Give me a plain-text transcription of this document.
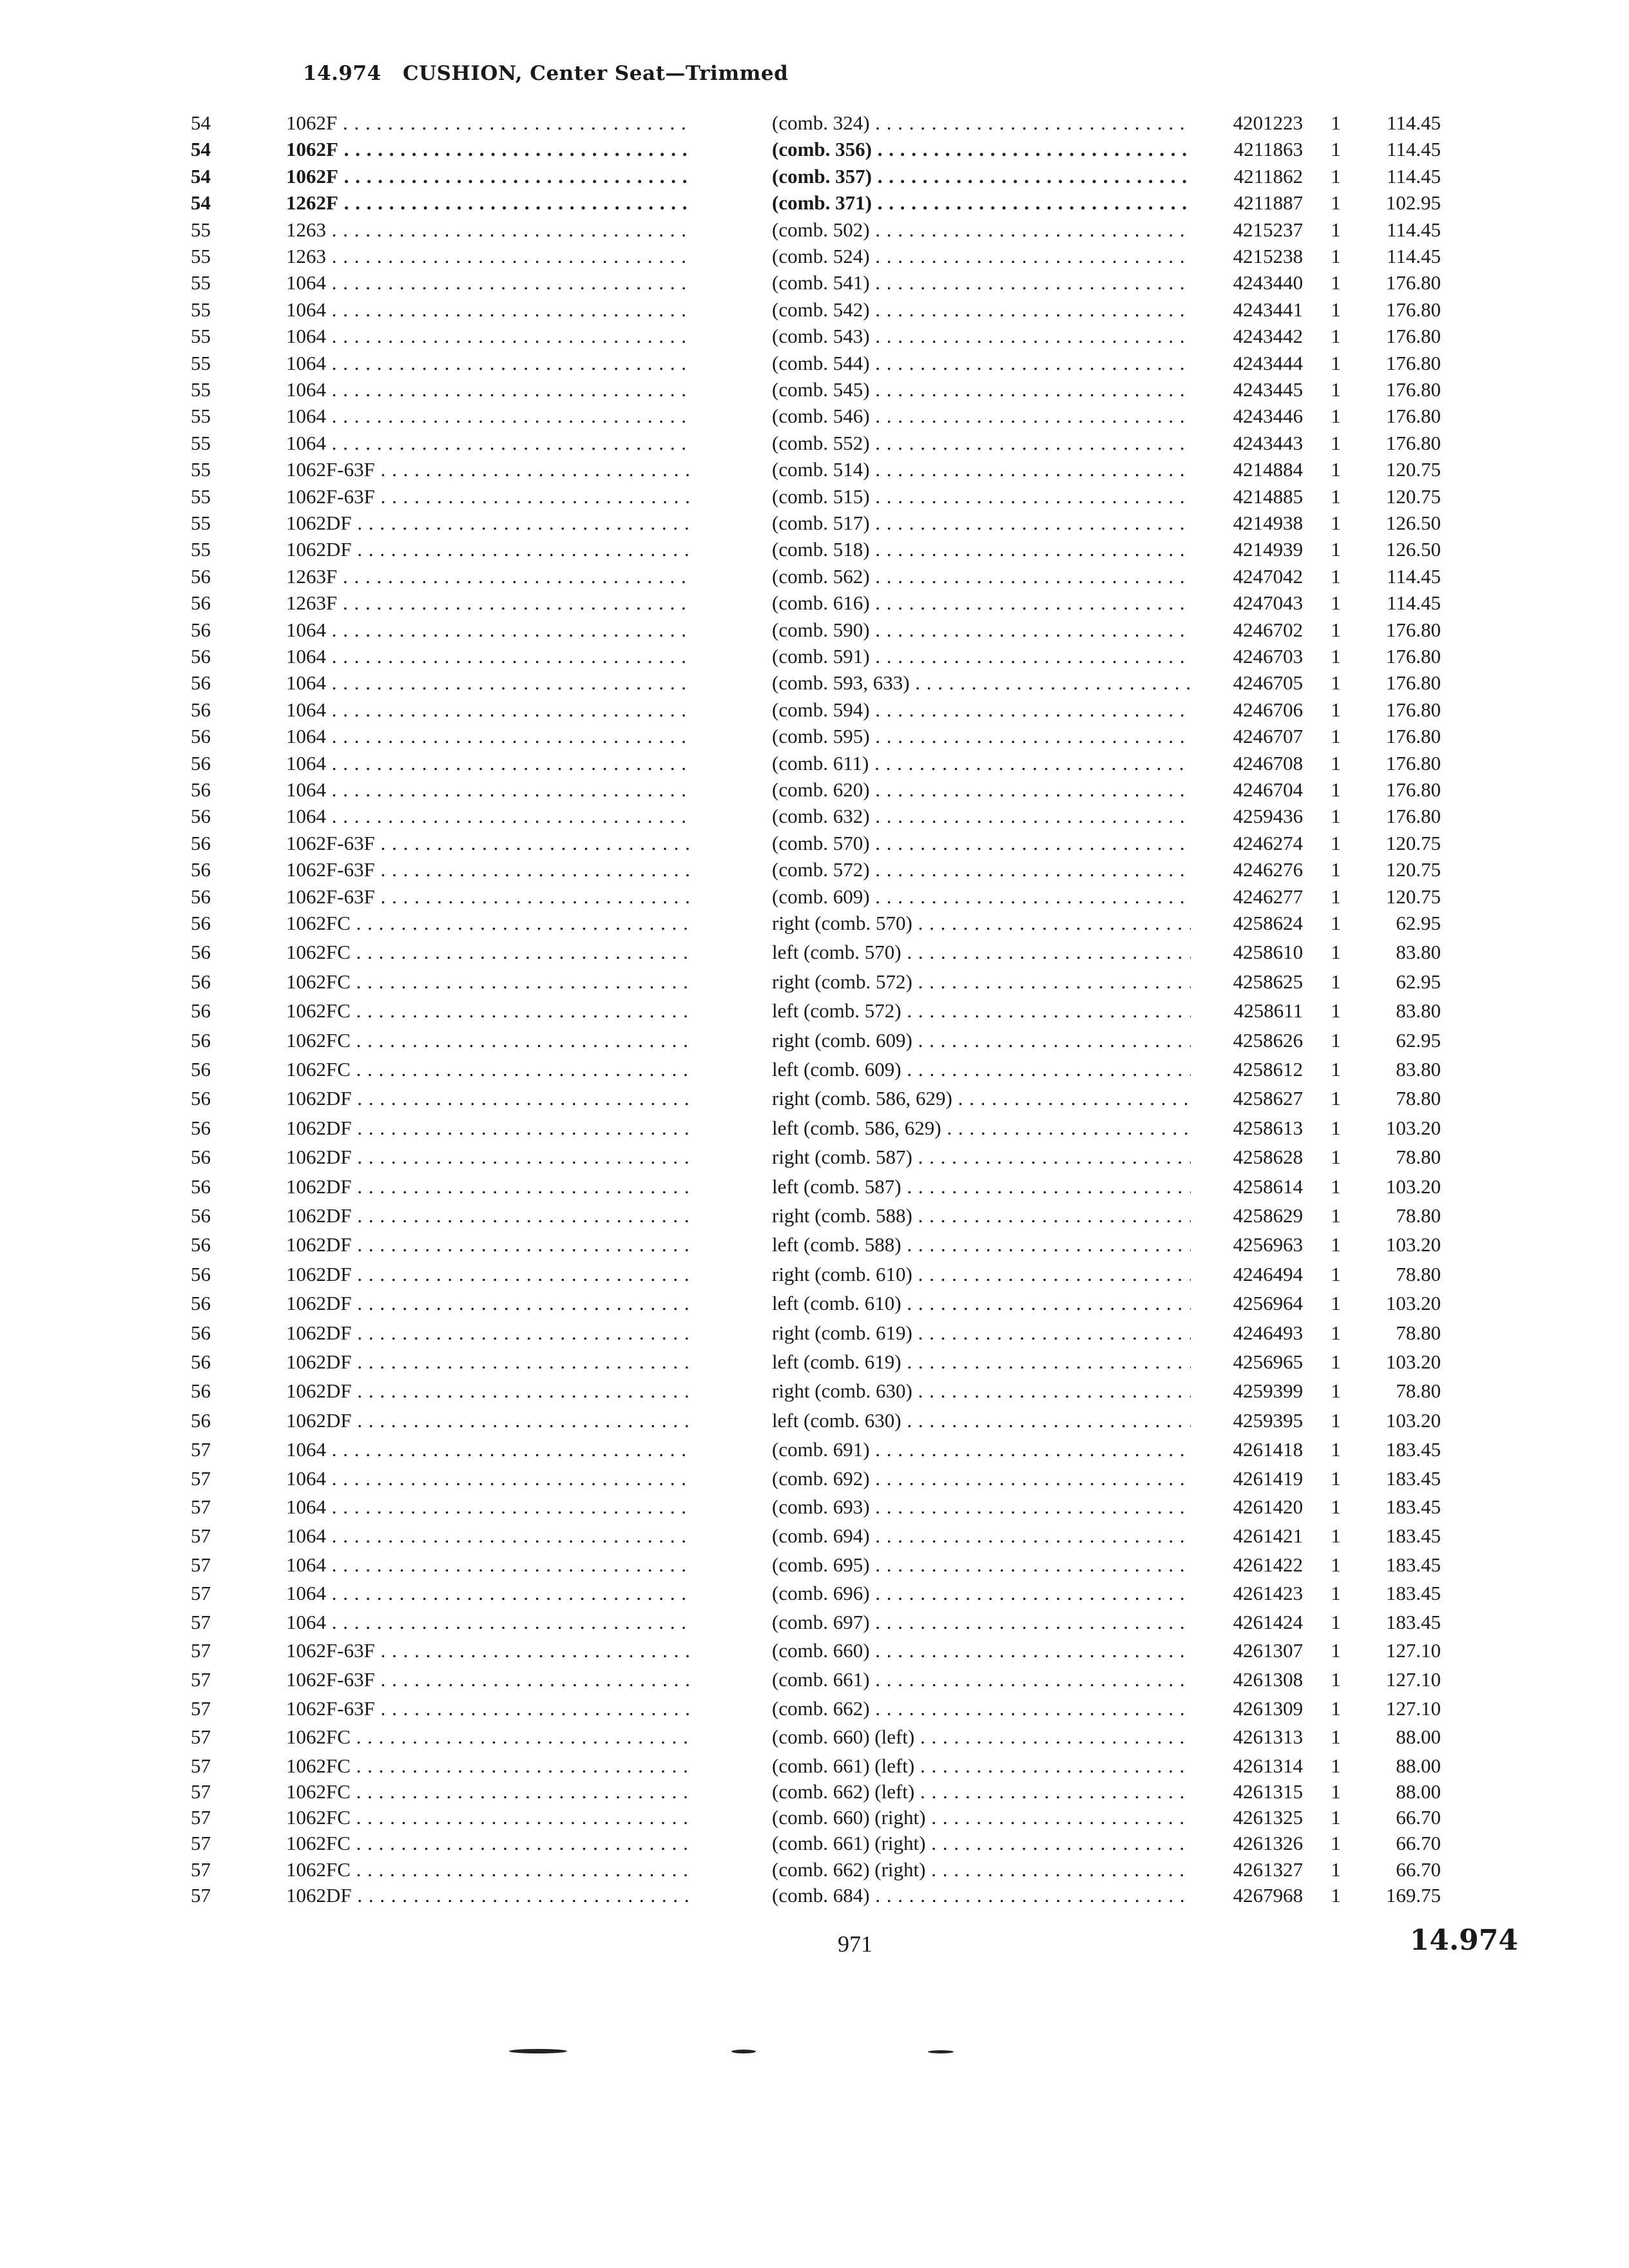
14.974 CUSHION, Center Seat—Trimmed
54	1062F . . .	(comb. 324) . . .	4201223 1	114.45
54	1062F . . .	(comb. 356) . . .	4211863 1	114.45
54	1062F . . .	(comb. 357) . . .	4211862 1	114.45
54	1262F . . .	(comb. 371) . . .	4211887 1	102.95
55	1263 . . .	(comb. 502) . . .	4215237 1	114.45
55	1263 . . .	(comb. 524) . . .	4215238 1	114.45
55	1064 . . .	(comb. 541) . . .	4243440 1	176.80
55	1064 . . .	(comb. 542) . . .	4243441 1	176.80
55	1064 . . .	(comb. 543) . . .	4243442 1	176.80
55	1064 . . .	(comb. 544) . . .	4243444 1	176.80
55	1064 . . .	(comb. 545) . . .	4243445 1	176.80
55	1064 . . .	(comb. 546) . . .	4243446 1	176.80
55	1064 . . .	(comb. 552) . . .	4243443 1	176.80
55	1062F-63F . . .	(comb. 514) . . .	4214884 1	120.75
55	1062F-63F . . .	(comb. 515) . . .	4214885 1	120.75
55	1062DF . . .	(comb. 517) . . .	4214938 1	126.50
55	1062DF . . .	(comb. 518) . . .	4214939 1	126.50
56	1263F . . .	(comb. 562) . . .	4247042 1	114.45
56	1263F . . .	(comb. 616) . . .	4247043 1	114.45
56	1064 . . .	(comb. 590) . . .	4246702 1	176.80
56	1064 . . .	(comb. 591) . . .	4246703 1	176.80
56	1064 . . .	(comb. 593, 633) . . .	4246705 1	176.80
56	1064 . . .	(comb. 594) . . .	4246706 1	176.80
56	1064 . . .	(comb. 595) . . .	4246707 1	176.80
56	1064 . . .	(comb. 611) . . .	4246708 1	176.80
56	1064 . . .	(comb. 620) . . .	4246704 1	176.80
56	1064 . . .	(comb. 632) . . .	4259436 1	176.80
56	1062F-63F . . .	(comb. 570) . . .	4246274 1	120.75
56	1062F-63F . . .	(comb. 572) . . .	4246276 1	120.75
56	1062F-63F . . .	(comb. 609) . . .	4246277 1	120.75
56	1062FC . . .	right (comb. 570) . . .	4258624 1	62.95
56	1062FC . . .	left (comb. 570) . . .	4258610 1	83.80
56	1062FC . . .	right (comb. 572) . . .	4258625 1	62.95
56	1062FC . . .	left (comb. 572) . . .	4258611 1	83.80
56	1062FC . . .	right (comb. 609) . . .	4258626 1	62.95
56	1062FC . . .	left (comb. 609) . . .	4258612 1	83.80
56	1062DF . . .	right (comb. 586, 629) . . .	4258627 1	78.80
56	1062DF . . .	left (comb. 586, 629) . . .	4258613 1	103.20
56	1062DF . . .	right (comb. 587) . . .	4258628 1	78.80
56	1062DF . . .	left (comb. 587) . . .	4258614 1	103.20
56	1062DF . . .	right (comb. 588) . . .	4258629 1	78.80
56	1062DF . . .	left (comb. 588) . . .	4256963 1	103.20
56	1062DF . . .	right (comb. 610) . . .	4246494 1	78.80
56	1062DF . . .	left (comb. 610) . . .	4256964 1	103.20
56	1062DF . . .	right (comb. 619) . . .	4246493 1	78.80
56	1062DF . . .	left (comb. 619) . . .	4256965 1	103.20
56	1062DF . . .	right (comb. 630) . . .	4259399 1	78.80
56	1062DF . . .	left (comb. 630) . . .	4259395 1	103.20
57	1064 . . .	(comb. 691) . . .	4261418 1	183.45
57	1064 . . .	(comb. 692) . . .	4261419 1	183.45
57	1064 . . .	(comb. 693) . . .	4261420 1	183.45
57	1064 . . .	(comb. 694) . . .	4261421 1	183.45
57	1064 . . .	(comb. 695) . . .	4261422 1	183.45
57	1064 . . .	(comb. 696) . . .	4261423 1	183.45
57	1064 . . .	(comb. 697) . . .	4261424 1	183.45
57	1062F-63F . . .	(comb. 660) . . .	4261307 1	127.10
57	1062F-63F . . .	(comb. 661) . . .	4261308 1	127.10
57	1062F-63F . . .	(comb. 662) . . .	4261309 1	127.10
57	1062FC . . .	(comb. 660) (left) . . .	4261313 1	88.00
57	1062FC . . .	(comb. 661) (left) . . .	4261314 1	88.00
57	1062FC . . .	(comb. 662) (left) . . .	4261315 1	88.00
57	1062FC . . .	(comb. 660) (right) . . .	4261325 1	66.70
57	1062FC . . .	(comb. 661) (right) . . .	4261326 1	66.70
57	1062FC . . .	(comb. 662) (right) . . .	4261327 1	66.70
57	1062DF . . .	(comb. 684) . . .	4267968 1	169.75
971	14.974
